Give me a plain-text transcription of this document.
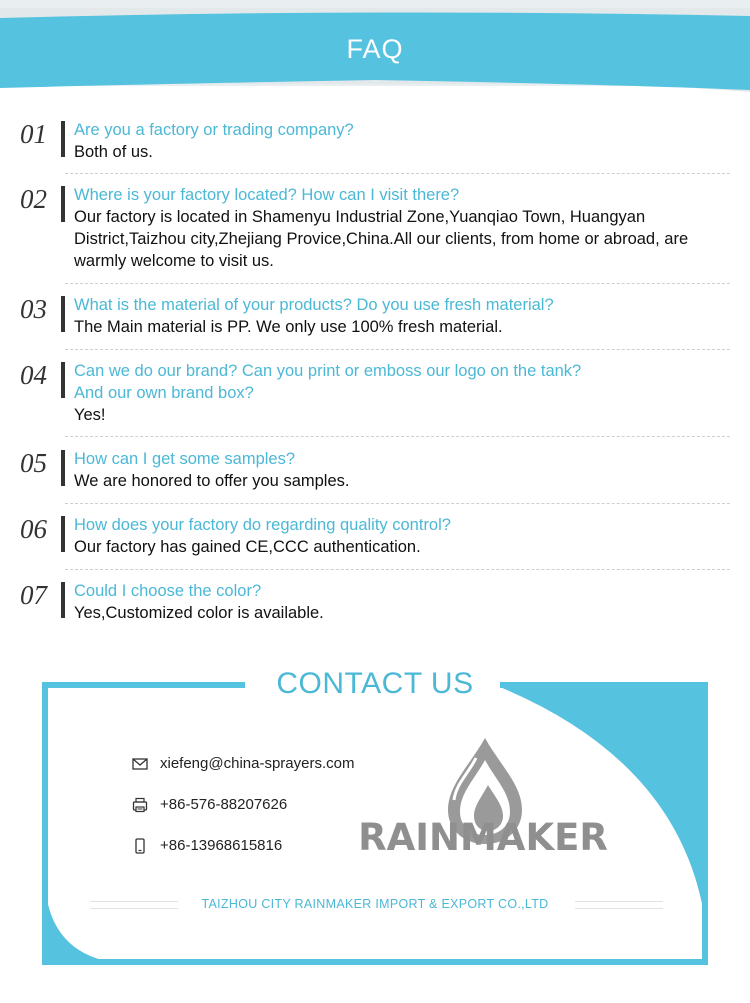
FAQ
01 Are you a factory or trading company?
Both of us.
02 Where is your factory located? How can I visit there?
Our factory is located in Shamenyu Industrial Zone,Yuanqiao Town, Huangyan District,Taizhou city,Zhejiang Provice,China.All our clients, from home or abroad, are warmly welcome to visit us.
03 What is the material of your products? Do you use fresh material?
The Main material is PP. We only use 100% fresh material.
04 Can we do our brand? Can you print or emboss our logo on the tank?
And our own brand box?
Yes!
05 How can I get some samples?
We are honored to offer you samples.
06 How does your factory do regarding quality control?
Our factory has gained CE,CCC authentication.
07 Could I choose the color?
Yes,Customized color is available.
CONTACT US
xiefeng@china-sprayers.com
+86-576-88207626
+86-13968615816 RAINMAKER
TAIZHOU CITY RAINMAKER IMPORT & EXPORT CO.,LTD
